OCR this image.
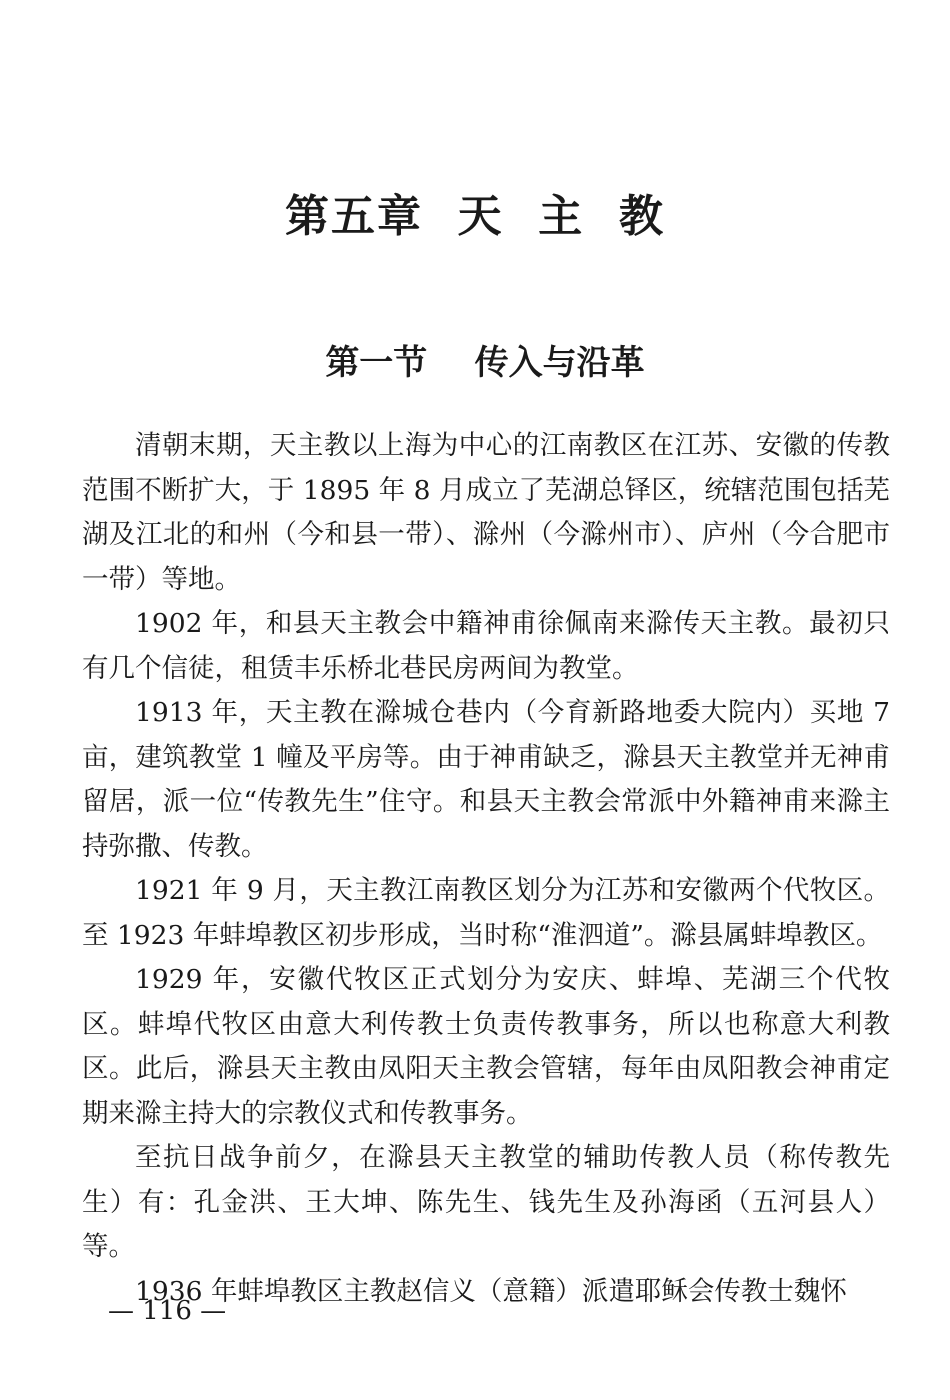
第五章  天  主  教
第一节    传入与沿革

清朝末期，天主教以上海为中心的江南教区在江苏、安徽的传教范围不断扩大，于 1895 年 8 月成立了芜湖总铎区，统辖范围包括芜湖及江北的和州（今和县一带）、滁州（今滁州市）、庐州（今合肥市一带）等地。

1902 年，和县天主教会中籍神甫徐佩南来滁传天主教。最初只有几个信徒，租赁丰乐桥北巷民房两间为教堂。

1913 年，天主教在滁城仓巷内（今育新路地委大院内）买地 7 亩，建筑教堂 1 幢及平房等。由于神甫缺乏，滁县天主教堂并无神甫留居，派一位“传教先生”住守。和县天主教会常派中外籍神甫来滁主持弥撒、传教。

1921 年 9 月，天主教江南教区划分为江苏和安徽两个代牧区。至 1923 年蚌埠教区初步形成，当时称“淮泗道”。滁县属蚌埠教区。

1929 年，安徽代牧区正式划分为安庆、蚌埠、芜湖三个代牧区。蚌埠代牧区由意大利传教士负责传教事务，所以也称意大利教区。此后，滁县天主教由凤阳天主教会管辖，每年由凤阳教会神甫定期来滁主持大的宗教仪式和传教事务。

至抗日战争前夕，在滁县天主教堂的辅助传教人员（称传教先生）有：孔金洪、王大坤、陈先生、钱先生及孙海函（五河县人）等。

1936 年蚌埠教区主教赵信义（意籍）派遣耶稣会传教士魏怀

— 116 —
